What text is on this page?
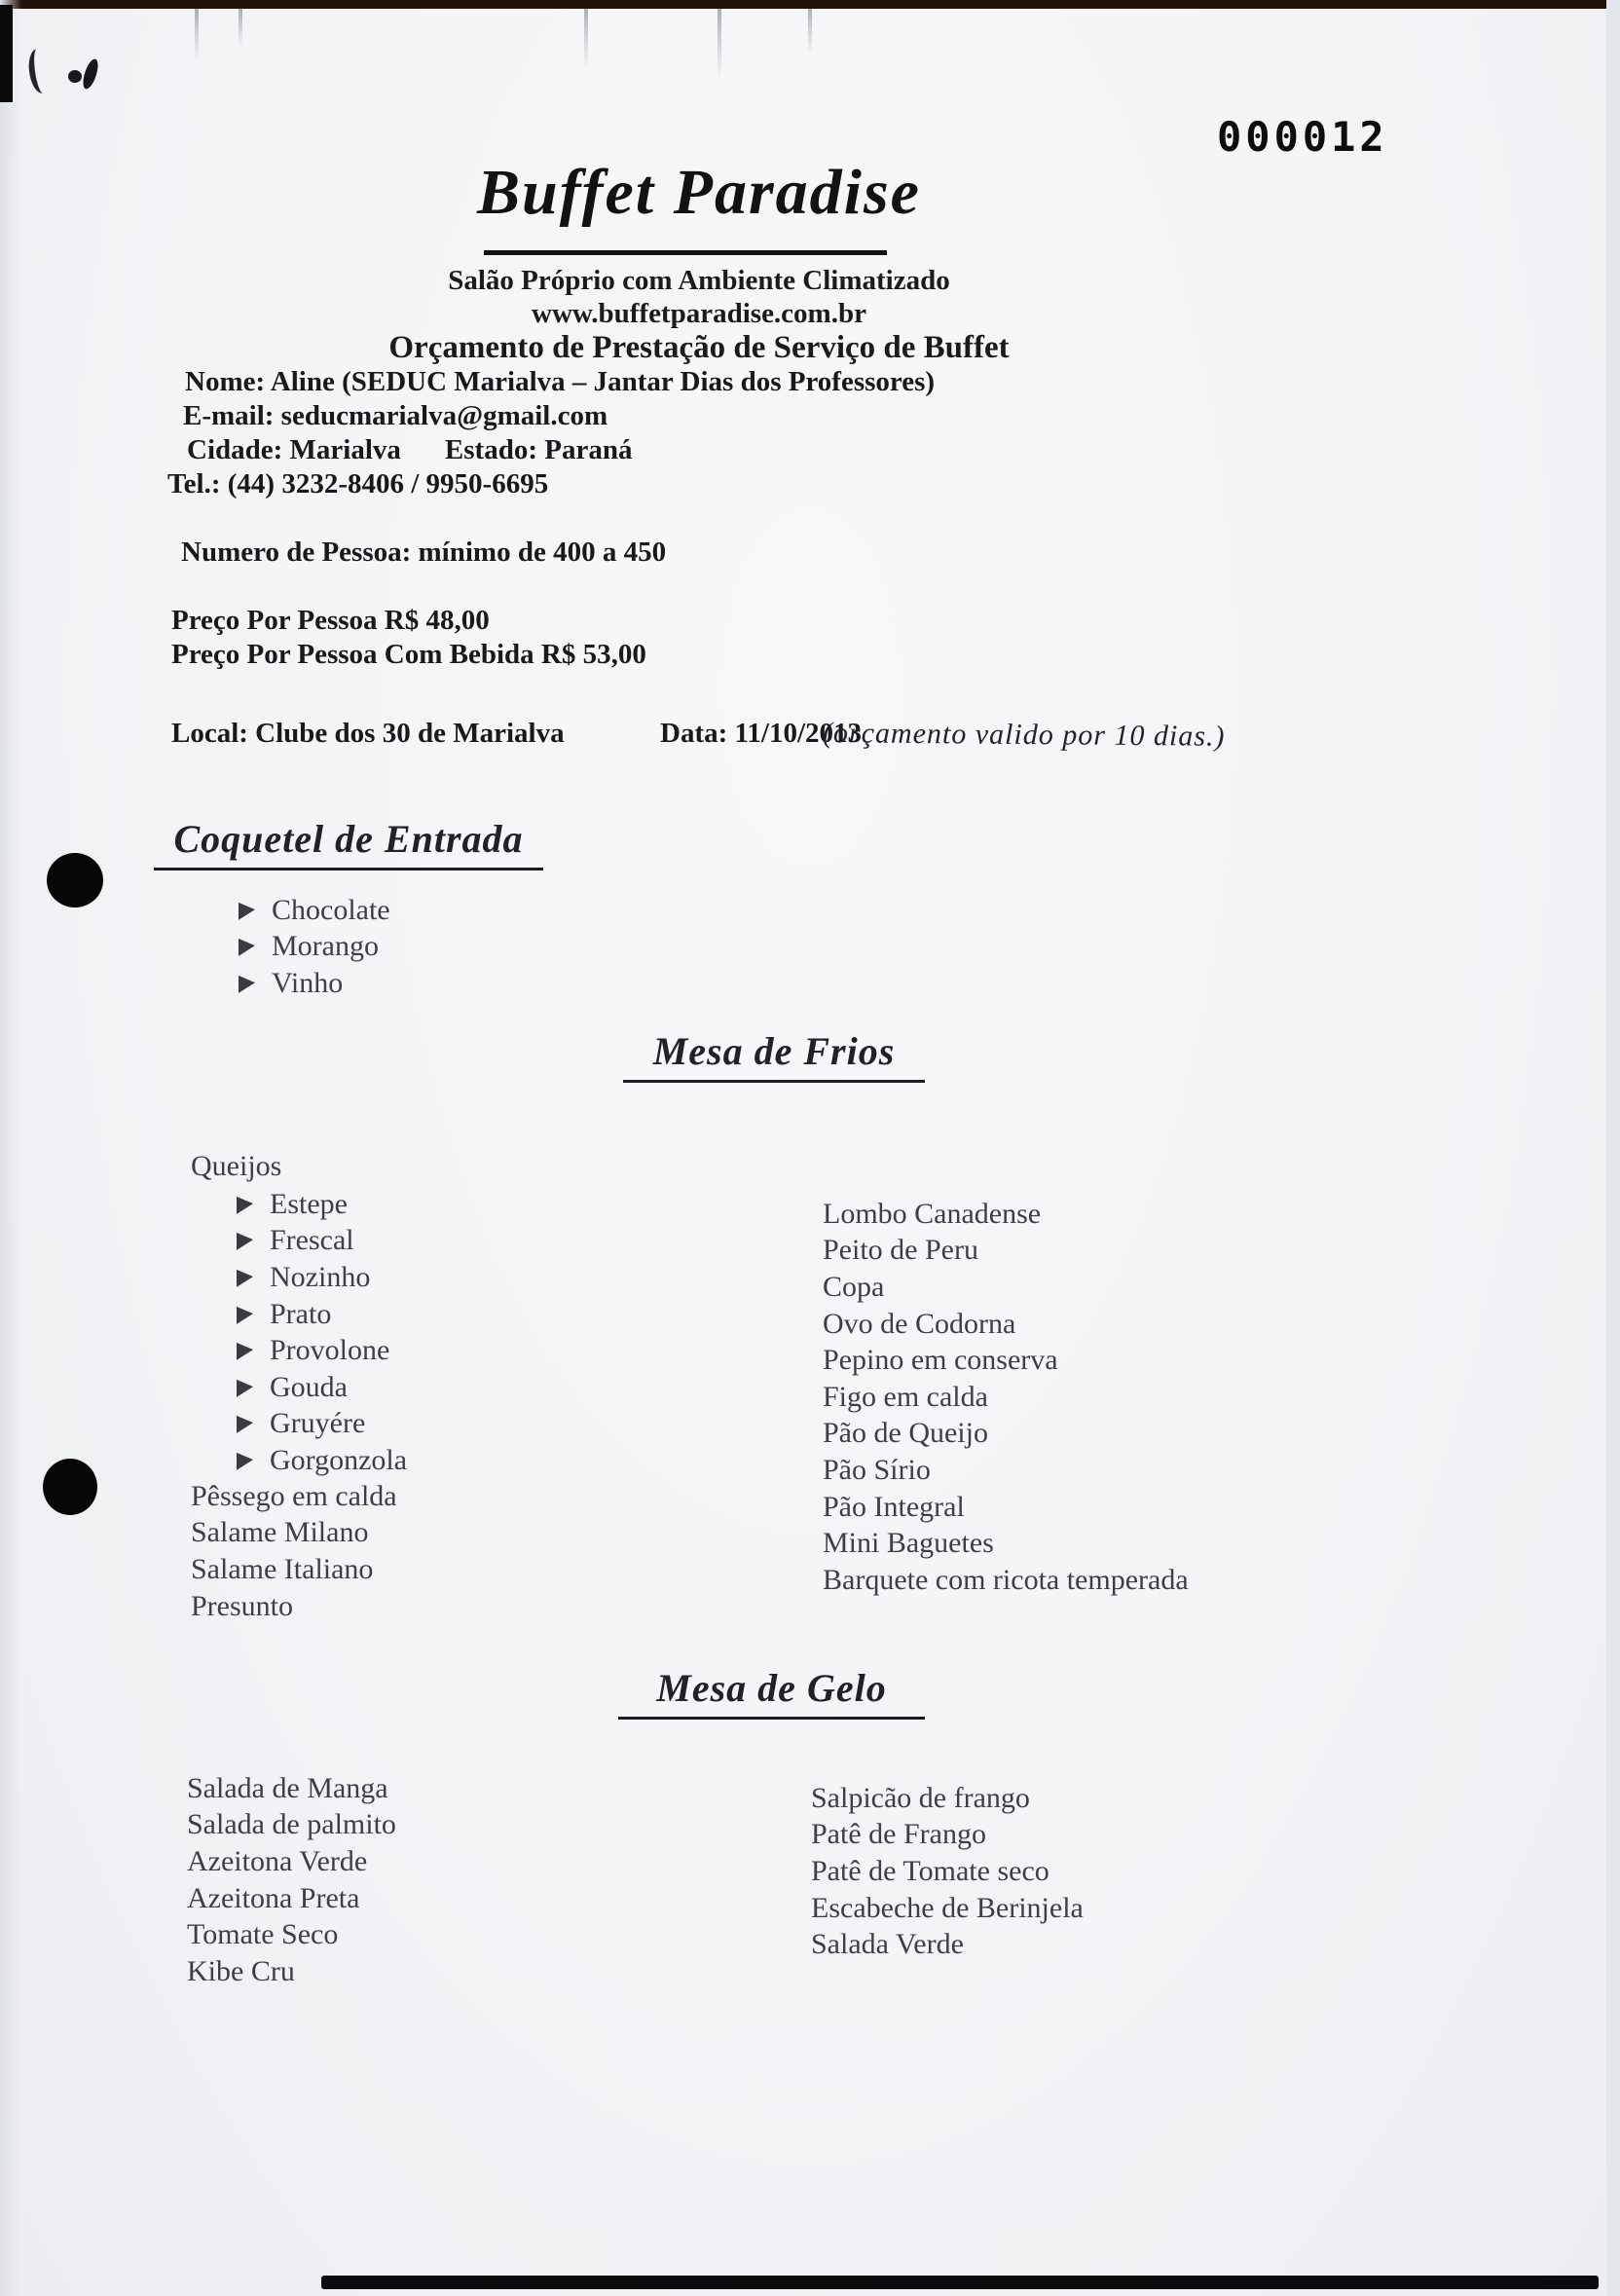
000012
Buffet Paradise
Salão Próprio com Ambiente Climatizado
www.buffetparadise.com.br
Orçamento de Prestação de Serviço de Buffet
Nome: Aline (SEDUC Marialva – Jantar Dias dos Professores)
E-mail: seducmarialva@gmail.com
Cidade: Marialva Estado: Paraná
Tel.: (44) 3232-8406 / 9950-6695
Numero de Pessoa: mínimo de 400 a 450
Preço Por Pessoa R$ 48,00
Preço Por Pessoa Com Bebida R$ 53,00
Local: Clube dos 30 de Marialva	Data: 11/10/2013
(orçamento valido por 10 dias.)
Coquetel de Entrada
Chocolate
Morango
Vinho
Mesa de Frios
Queijos
Estepe
Frescal
Nozinho
Prato
Provolone
Gouda
Gruyére
Gorgonzola
Pêssego em calda
Salame Milano
Salame Italiano
Presunto
Lombo Canadense
Peito de Peru
Copa
Ovo de Codorna
Pepino em conserva
Figo em calda
Pão de Queijo
Pão Sírio
Pão Integral
Mini Baguetes
Barquete com ricota temperada
Mesa de Gelo
Salada de Manga
Salada de palmito
Azeitona Verde
Azeitona Preta
Tomate Seco
Kibe Cru
Salpicão de frango
Patê de Frango
Patê de Tomate seco
Escabeche de Berinjela
Salada Verde
